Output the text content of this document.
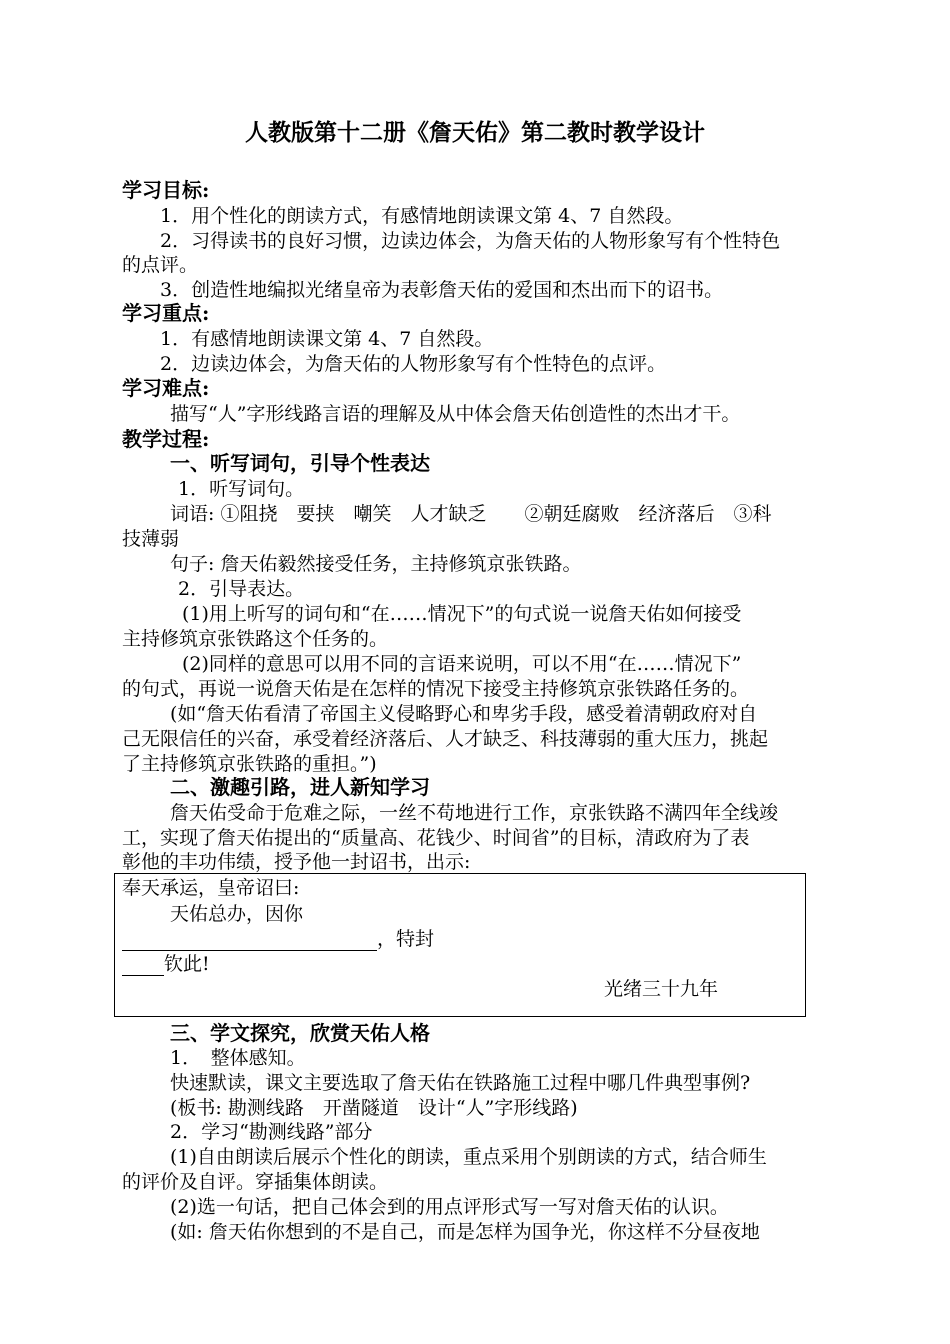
人教版第十二册《詹天佑》第二教时教学设计
学习目标:
1．用个性化的朗读方式，有感情地朗读课文第 4、7 自然段。
2．习得读书的良好习惯，边读边体会，为詹天佑的人物形象写有个性特色
的点评。
3．创造性地编拟光绪皇帝为表彰詹天佑的爱国和杰出而下的诏书。
学习重点:
1．有感情地朗读课文第 4、7 自然段。
2．边读边体会，为詹天佑的人物形象写有个性特色的点评。
学习难点:
描写“人”字形线路言语的理解及从中体会詹天佑创造性的杰出才干。
教学过程:
一、听写词句，引导个性表达
1．听写词句。
词语: ①阻挠　要挟　嘲笑　人才缺乏　　②朝廷腐败　经济落后　③科
技薄弱
句子: 詹天佑毅然接受任务，主持修筑京张铁路。
2．引导表达。
(1)用上听写的词句和“在……情况下”的句式说一说詹天佑如何接受
主持修筑京张铁路这个任务的。
(2)同样的意思可以用不同的言语来说明，可以不用“在……情况下”
的句式，再说一说詹天佑是在怎样的情况下接受主持修筑京张铁路任务的。
(如“詹天佑看清了帝国主义侵略野心和卑劣手段，感受着清朝政府对自
己无限信任的兴奋，承受着经济落后、人才缺乏、科技薄弱的重大压力，挑起
了主持修筑京张铁路的重担。”)
二、激趣引路，进人新知学习
詹天佑受命于危难之际，一丝不苟地进行工作，京张铁路不满四年全线竣
工，实现了詹天佑提出的“质量高、花钱少、时间省”的目标，清政府为了表
彰他的丰功伟绩，授予他一封诏书，出示:
奉天承运，皇帝诏曰:
天佑总办，因你
，特封
钦此!
光绪三十九年
三、学文探究，欣赏天佑人格
1．　整体感知。
快速默读，课文主要选取了詹天佑在铁路施工过程中哪几件典型事例?
(板书: 勘测线路　开凿隧道　设计“人”字形线路)
2．学习“勘测线路”部分
(1)自由朗读后展示个性化的朗读，重点采用个别朗读的方式，结合师生
的评价及自评。穿插集体朗读。
(2)选一句话，把自己体会到的用点评形式写一写对詹天佑的认识。
(如: 詹天佑你想到的不是自己，而是怎样为国争光，你这样不分昼夜地
